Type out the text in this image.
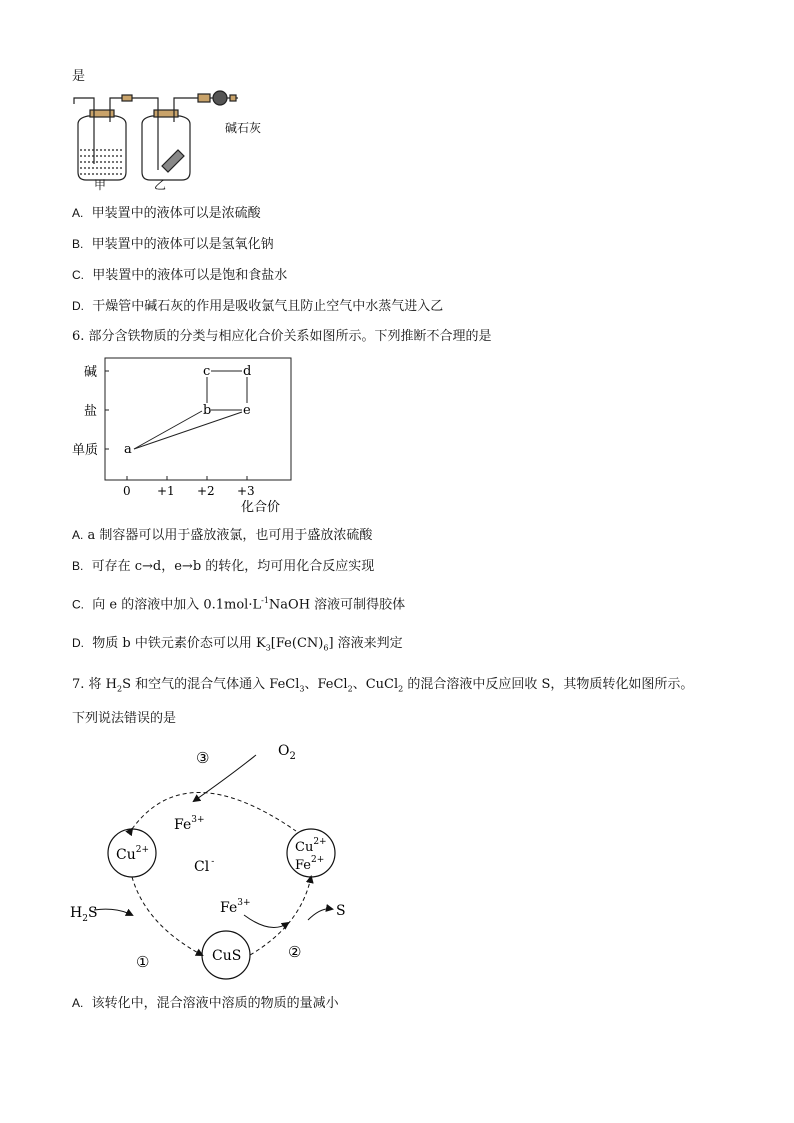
是
碱石灰
甲	乙
A. 甲装置中的液体可以是浓硫酸
B. 甲装置中的液体可以是氢氧化钠
C. 甲装置中的液体可以是饱和食盐水
D. 干燥管中碱石灰的作用是吸收氯气且防止空气中水蒸气进入乙
6. 部分含铁物质的分类与相应化合价关系如图所示。下列推断不合理的是
碱
盐
单质
0 +1 +2 +3
化合价
a
b
c	d
e
A. a 制容器可以用于盛放液氯，也可用于盛放浓硫酸
B. 可存在 c→d，e→b 的转化，均可用化合反应实现
C. 向 e 的溶液中加入 $0.1mol\cdot L^{-1}NaOH$ 溶液可制得胶体
D. 物质 b 中铁元素价态可以用 $K_3[Fe(CN)_6]$ 溶液来判定
7. 将 $H_2S$ 和空气的混合气体通入 FeCl$_3$、FeCl$_2$、CuCl$_2$ 的混合溶液中反应回收 S，其物质转化如图所示。
下列说法错误的是
③
①
②
$O_2$
$Fe^{3+}$
$Cu^{2+}$
Cl -
$Cu^{2+}$
$Fe^{2+}$
$H_2S$	$Fe^{3+}$	S
CuS
A. 该转化中，混合溶液中溶质的物质的量减小
